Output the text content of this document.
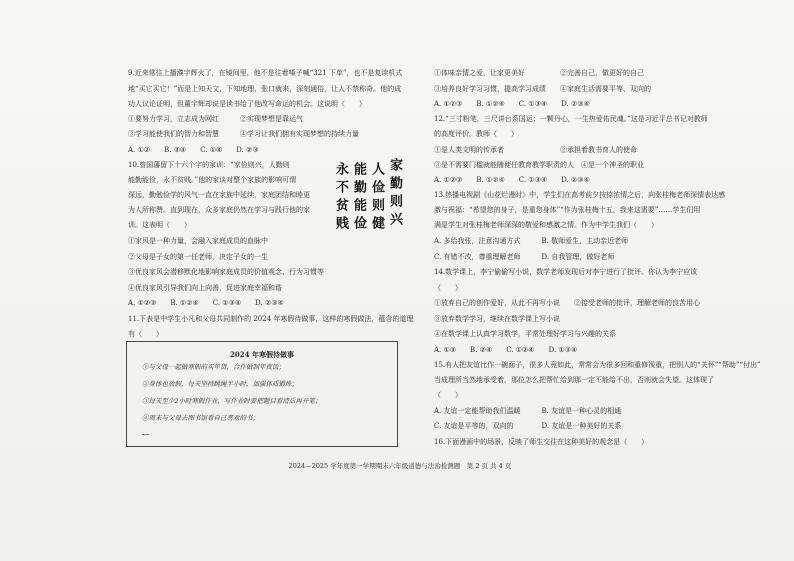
2024 年寒假待做事
家
勤
则
兴
人
俭
则
健
能
勤
能
俭
永
不
贫
贱
2024—2025 学年度第一学期期末六年级道德与法治检测题　第 2 页 共 4 页
9.近来常往上播濮宇辉火了，在镜间里，他不是往着嗓子喊“321 下单”，也不是复读机式
地“买它买它！”而是上知天文、下知地理，张口就来，深刻通俗，让人不禁称奇。他的成
功人议论证明，但董宇辉却说是读书给了他改写命运的机会。这说明（　　）
①要努力学习，立志成为网红　　　②实现梦想是靠运气
③学习能使我们的智力和智慧　　　④学习让我们拥有实现梦想的持续力量
A. ①②　　B. ③④　　C. ①④　　D. ②③
10.曾国藩留下十六个字的家训：“家俭则兴，人勤则
能勤能俭，永不贫贱。”他的家谈对整个家族的影响可谓
深远，勤勉俭学的风气一直在家族中延续，家庭团结和睦更
为人所称赞。直到现在，众多家庭仍然在学习与践行他的家
训。这表明（　　）
①家风是一种力量，会融入家庭成员的血脉中
②父母是子女的第一任老师，决定子女的一生
③优良家风会潜移默化地影响家庭成员的价值观念、行为习惯等
④优良家风引导我们向上向善，促进家庭幸福和谐
A. ①②③　　B. ①②④　　C. ①③④　　D. ②③④
11.下表是中学生小凡和父母共同制作的 2024 年寒假待做事，这样的寒假做法，蕴含的道理
有（　　）
①体味亲情之爱，让家更美好　　　　　②完善自己，做更好的自己
③培养良好学习习惯，提高学习成绩　　④家庭生活需要平等、双向的
A. ①②③　　B. ①②④　　C. ①③④　　D. ②③④
12.“三寸粉笔，三尺讲台系国运；一颗丹心，一生热爱佑民魂。”这是习近平总书记对教师
的高度评价。教师（　　）
①是人类文明的传承者　　　　　　　　②承担着教书育人的使命
③是不需要门槛就能随便任教育教学职责的人　④是一个神圣的职业
A. ①②③　　B. ①②④　　C. ①③④　　D. ②③④
13.热播电视剧《山花烂漫时》中，学生们在高考前夕按捺浓情之后，向张桂梅老师深情表达感
激与祝福：“希望您的身子，是重您身体”“作为张桂梅十五，我来这需要”……学生们用
满是学生对张桂梅老师深深的敬爱和感激之情。作为中学生我们（　　）
A. 多给我张，注意沟通方式　　　B. 敬师爱生，主动亲近老师
C. 有错不改，尊重理解老师　　　D. 自我管理，做好老师
14.数学课上，李宁偷偷写小说，数学老师发现后对李宁进行了批评。你认为李宁应该
（　　）
①放弃自己的创作爱好，从此不再写小说　　②接受老师的批评，理解老师的良苦用心
③放弃数学学习，继续在数学课上写小说
④在数学课上认真学习数学，平常处理好学习与兴趣的关系
A. ①③　　B. ②④　　C. ①②④　　D. ①③④
15.有人把友谊比作一碗面子，很多人竟如此，常常会为很多回和重修视重，把别人的“关怀”“帮助”“付出”
当成理所当然地承受着，那位怎么把帮忙给到那一定不能给不出，否则就会失望。这体现了
（　　）
A. 友谊一定能帮助我们温暖　　　B. 友谊是一种心灵的相通
C. 友谊是平等的，双向的　　　　D. 友谊是一种美好的关系
16.下面漫画中的场景，反映了师生交往在这种美好的观念是（　　）
①与父母一起做寒假的买年货，合作做制年夜饭；
②身体也放假，每天坚持跳绳半小时，加强体质锻炼；
③每天至少2小时寒假作业，写作业时要把题目看清后再开笔；
④周末与父母去图书馆看自己喜欢的书；
……
